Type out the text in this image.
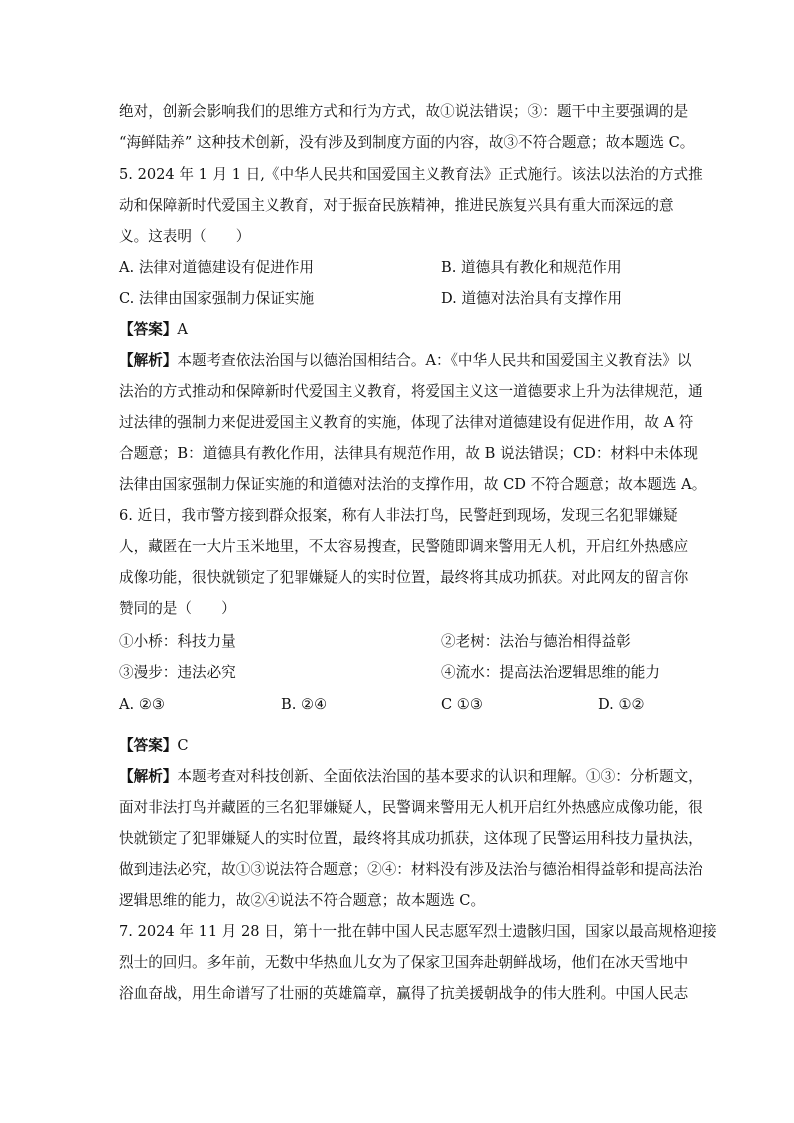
绝对，创新会影响我们的思维方式和行为方式，故①说法错误；③：题干中主要强调的是
“海鲜陆养” 这种技术创新，没有涉及到制度方面的内容，故③不符合题意；故本题选 C。
5. 2024 年 1 月 1 日,《中华人民共和国爱国主义教育法》正式施行。该法以法治的方式推
动和保障新时代爱国主义教育，对于振奋民族精神，推进民族复兴具有重大而深远的意
义。这表明（　　）
A. 法律对道德建设有促进作用	B. 道德具有教化和规范作用
C. 法律由国家强制力保证实施	D. 道德对法治具有支撑作用
【答案】A
【解析】本题考查依法治国与以德治国相结合。A：《中华人民共和国爱国主义教育法》以
法治的方式推动和保障新时代爱国主义教育，将爱国主义这一道德要求上升为法律规范，通
过法律的强制力来促进爱国主义教育的实施，体现了法律对道德建设有促进作用，故 A 符
合题意；B：道德具有教化作用，法律具有规范作用，故 B 说法错误；CD：材料中未体现
法律由国家强制力保证实施的和道德对法治的支撑作用，故 CD 不符合题意；故本题选 A。
6. 近日，我市警方接到群众报案，称有人非法打鸟，民警赶到现场，发现三名犯罪嫌疑
人，藏匿在一大片玉米地里，不太容易搜查，民警随即调来警用无人机，开启红外热感应
成像功能，很快就锁定了犯罪嫌疑人的实时位置，最终将其成功抓获。对此网友的留言你
赞同的是（　　）
①小桥：科技力量	②老树：法治与德治相得益彰
③漫步：违法必究	④流水：提高法治逻辑思维的能力
A. ②③	B. ②④	C ①③	D. ①②
【答案】C
【解析】本题考查对科技创新、全面依法治国的基本要求的认识和理解。①③：分析题文，
面对非法打鸟并藏匿的三名犯罪嫌疑人，民警调来警用无人机开启红外热感应成像功能，很
快就锁定了犯罪嫌疑人的实时位置，最终将其成功抓获，这体现了民警运用科技力量执法，
做到违法必究，故①③说法符合题意；②④：材料没有涉及法治与德治相得益彰和提高法治
逻辑思维的能力，故②④说法不符合题意；故本题选 C。
7. 2024 年 11 月 28 日，第十一批在韩中国人民志愿军烈士遗骸归国，国家以最高规格迎接
烈士的回归。多年前，无数中华热血儿女为了保家卫国奔赴朝鲜战场，他们在冰天雪地中
浴血奋战，用生命谱写了壮丽的英雄篇章，赢得了抗美援朝战争的伟大胜利。中国人民志
